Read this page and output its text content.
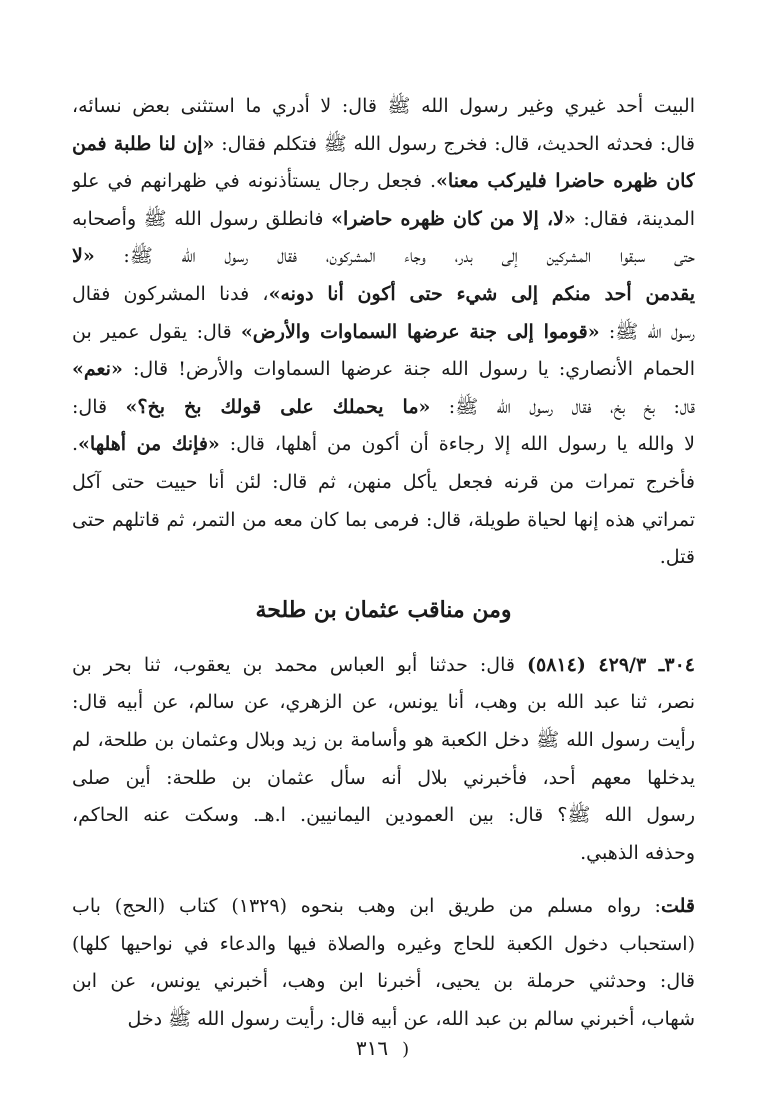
البيت أحد غيري وغير رسول الله ﷺ قال: لا أدري ما استثنى بعض نسائه،
قال: فحدثه الحديث، قال: فخرج رسول الله ﷺ فتكلم فقال: «إن لنا طلبة فمن
كان ظهره حاضرا فليركب معنا». فجعل رجال يستأذنونه في ظهرانهم في علو
المدينة، فقال: «لا، إلا من كان ظهره حاضرا» فانطلق رسول الله ﷺ وأصحابه
حتى سبقوا المشركين إلى بدر، وجاء المشركون، فقال رسول الله ﷺ: «لا
يقدمن أحد منكم إلى شيء حتى أكون أنا دونه»، فدنا المشركون فقال
رسول الله ﷺ: «قوموا إلى جنة عرضها السماوات والأرض» قال: يقول عمير بن
الحمام الأنصاري: يا رسول الله جنة عرضها السماوات والأرض! قال: «نعم»
قال: بخ بخ، فقال رسول الله ﷺ: «ما يحملك على قولك بخ بخ؟» قال:
لا والله يا رسول الله إلا رجاءة أن أكون من أهلها، قال: «فإنك من أهلها».
فأخرج تمرات من قرنه فجعل يأكل منهن، ثم قال: لئن أنا حييت حتى آكل
تمراتي هذه إنها لحياة طويلة، قال: فرمى بما كان معه من التمر، ثم قاتلهم حتى
قتل.
ومن مناقب عثمان بن طلحة
٣٠٤ـ ٤٢٩/٣ (٥٨١٤) قال: حدثنا أبو العباس محمد بن يعقوب، ثنا بحر بن
نصر، ثنا عبد الله بن وهب، أنا يونس، عن الزهري، عن سالم، عن أبيه قال:
رأيت رسول الله ﷺ دخل الكعبة هو وأسامة بن زيد وبلال وعثمان بن طلحة، لم
يدخلها معهم أحد، فأخبرني بلال أنه سأل عثمان بن طلحة: أين صلى
رسول الله ﷺ؟ قال: بين العمودين اليمانيين. ا.هـ. وسكت عنه الحاكم،
وحذفه الذهبي.
قلت: رواه مسلم من طريق ابن وهب بنحوه (١٣٢٩) كتاب (الحج) باب
(استحباب دخول الكعبة للحاج وغيره والصلاة فيها والدعاء في نواحيها كلها)
قال: وحدثني حرملة بن يحيى، أخبرنا ابن وهب، أخبرني يونس، عن ابن
شهاب، أخبرني سالم بن عبد الله، عن أبيه قال: رأيت رسول الله ﷺ دخل
(٣١٦
